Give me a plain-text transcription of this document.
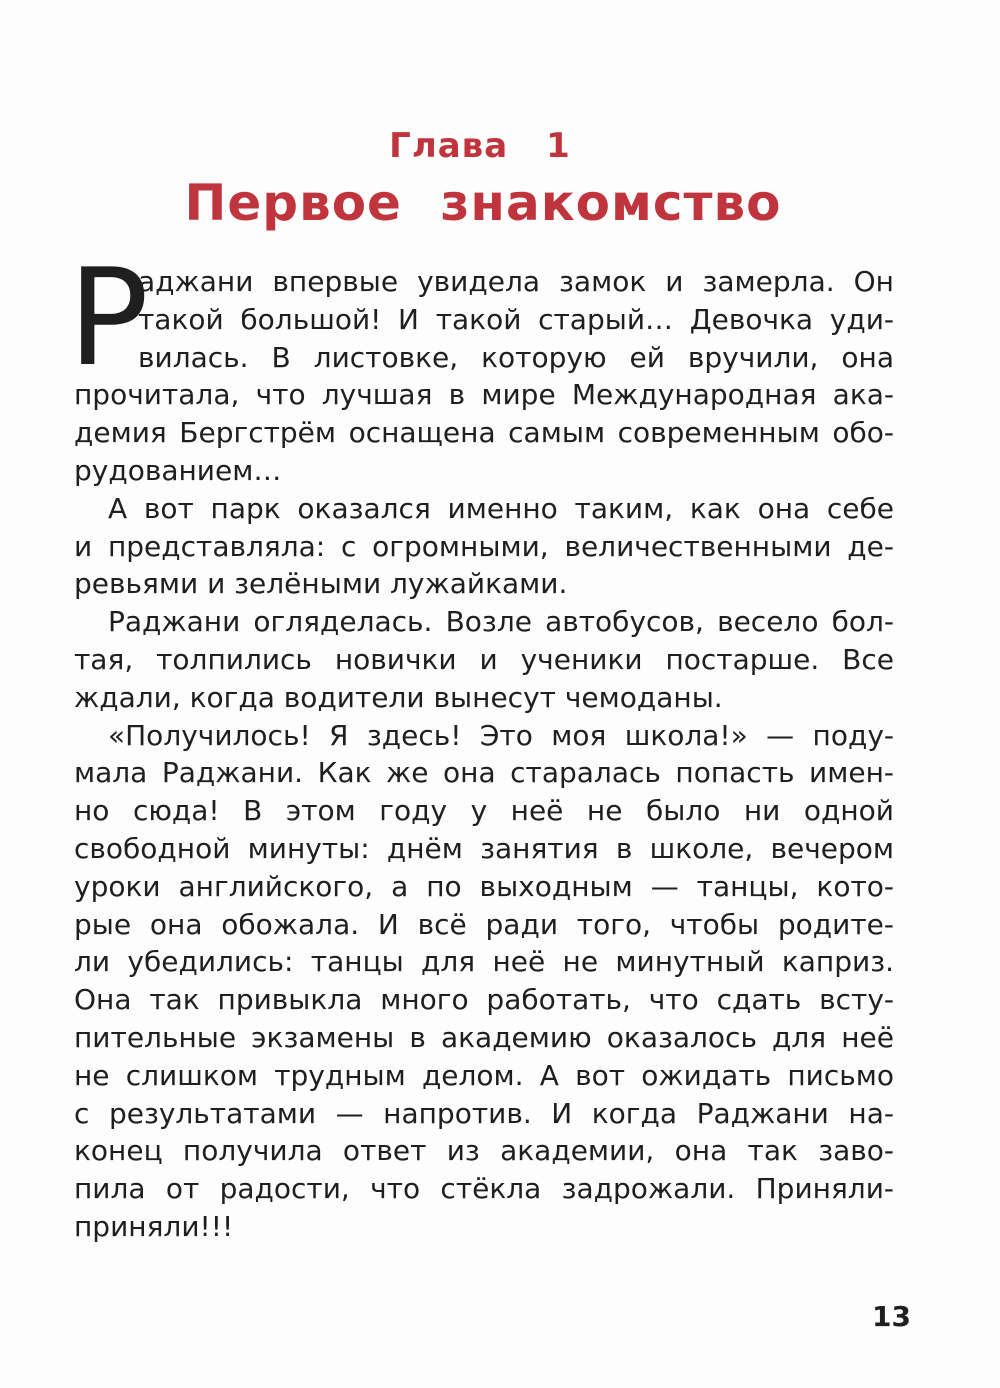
Глава 1
Первое знакомство
Р
аджани впервые увидела замок и замерла. Он
такой большой! И такой старый… Девочка уди-
вилась. В листовке, которую ей вручили, она
прочитала, что лучшая в мире Международная ака-
демия Бергстрём оснащена самым современным обо-
рудованием…
А вот парк оказался именно таким, как она себе
и представляла: с огромными, величественными де-
ревьями и зелёными лужайками.
Раджани огляделась. Возле автобусов, весело бол-
тая, толпились новички и ученики постарше. Все
ждали, когда водители вынесут чемоданы.
«Получилось! Я здесь! Это моя школа!» — поду-
мала Раджани. Как же она старалась попасть имен-
но сюда! В этом году у неё не было ни одной
свободной минуты: днём занятия в школе, вечером
уроки английского, а по выходным — танцы, кото-
рые она обожала. И всё ради того, чтобы родите-
ли убедились: танцы для неё не минутный каприз.
Она так привыкла много работать, что сдать всту-
пительные экзамены в академию оказалось для неё
не слишком трудным делом. А вот ожидать письмо
с результатами — напротив. И когда Раджани на-
конец получила ответ из академии, она так заво-
пила от радости, что стёкла задрожали. Приняли-
приняли!!!
13
